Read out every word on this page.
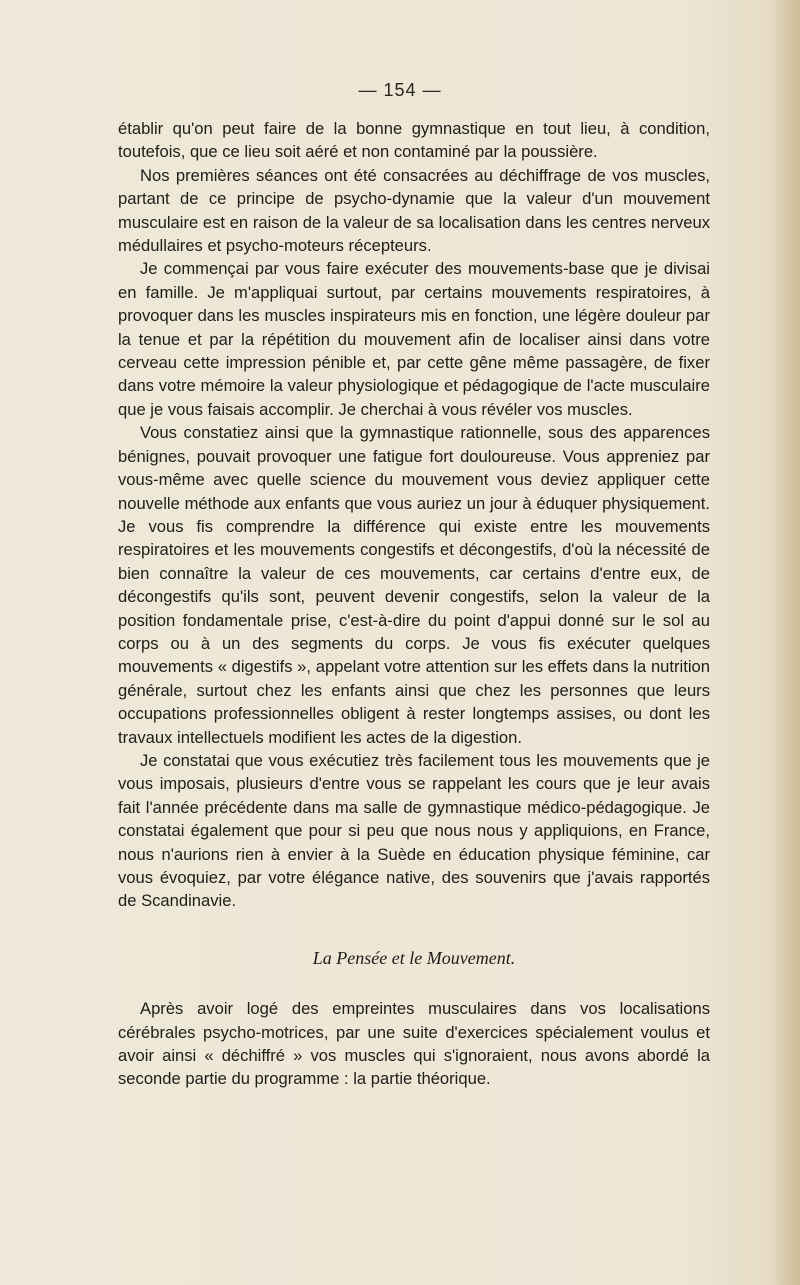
— 154 —

établir qu'on peut faire de la bonne gymnastique en tout lieu, à condition, toutefois, que ce lieu soit aéré et non contaminé par la poussière.

Nos premières séances ont été consacrées au déchiffrage de vos muscles, partant de ce principe de psycho-dynamie que la valeur d'un mouvement musculaire est en raison de la valeur de sa localisation dans les centres nerveux médullaires et psycho-moteurs récepteurs.

Je commençai par vous faire exécuter des mouvements-base que je divisai en famille. Je m'appliquai surtout, par certains mouvements respiratoires, à provoquer dans les muscles inspirateurs mis en fonction, une légère douleur par la tenue et par la répétition du mouvement afin de localiser ainsi dans votre cerveau cette impression pénible et, par cette gêne même passagère, de fixer dans votre mémoire la valeur physiologique et pédagogique de l'acte musculaire que je vous faisais accomplir. Je cherchai à vous révéler vos muscles.

Vous constatiez ainsi que la gymnastique rationnelle, sous des apparences bénignes, pouvait provoquer une fatigue fort douloureuse. Vous appreniez par vous-même avec quelle science du mouvement vous deviez appliquer cette nouvelle méthode aux enfants que vous auriez un jour à éduquer physiquement. Je vous fis comprendre la différence qui existe entre les mouvements respiratoires et les mouvements congestifs et décongestifs, d'où la nécessité de bien connaître la valeur de ces mouvements, car certains d'entre eux, de décongestifs qu'ils sont, peuvent devenir congestifs, selon la valeur de la position fondamentale prise, c'est-à-dire du point d'appui donné sur le sol au corps ou à un des segments du corps. Je vous fis exécuter quelques mouvements « digestifs », appelant votre attention sur les effets dans la nutrition générale, surtout chez les enfants ainsi que chez les personnes que leurs occupations professionnelles obligent à rester longtemps assises, ou dont les travaux intellectuels modifient les actes de la digestion.

Je constatai que vous exécutiez très facilement tous les mouvements que je vous imposais, plusieurs d'entre vous se rappelant les cours que je leur avais fait l'année précédente dans ma salle de gymnastique médico-pédagogique. Je constatai également que pour si peu que nous nous y appliquions, en France, nous n'aurions rien à envier à la Suède en éducation physique féminine, car vous évoquiez, par votre élégance native, des souvenirs que j'avais rapportés de Scandinavie.

La Pensée et le Mouvement.

Après avoir logé des empreintes musculaires dans vos localisations cérébrales psycho-motrices, par une suite d'exercices spécialement voulus et avoir ainsi « déchiffré » vos muscles qui s'ignoraient, nous avons abordé la seconde partie du programme : la partie théorique.
